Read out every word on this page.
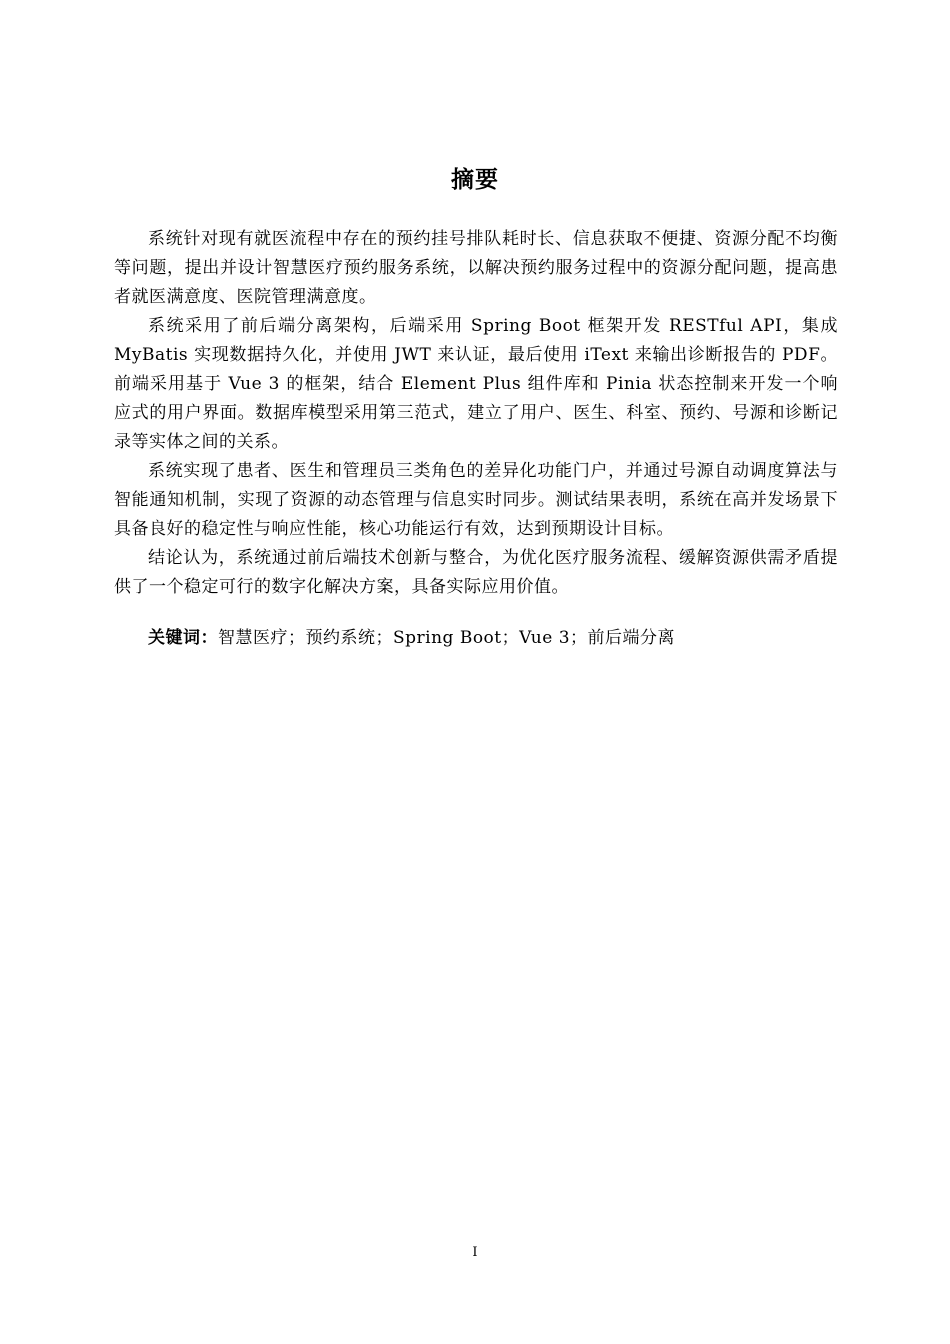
摘要

系统针对现有就医流程中存在的预约挂号排队耗时长、信息获取不便捷、资源分配不均衡等问题，提出并设计智慧医疗预约服务系统，以解决预约服务过程中的资源分配问题，提高患者就医满意度、医院管理满意度。

系统采用了前后端分离架构，后端采用 Spring Boot 框架开发 RESTful API，集成 MyBatis 实现数据持久化，并使用 JWT 来认证，最后使用 iText 来输出诊断报告的 PDF。前端采用基于 Vue 3 的框架，结合 Element Plus 组件库和 Pinia 状态控制来开发一个响应式的用户界面。数据库模型采用第三范式，建立了用户、医生、科室、预约、号源和诊断记录等实体之间的关系。

系统实现了患者、医生和管理员三类角色的差异化功能门户，并通过号源自动调度算法与智能通知机制，实现了资源的动态管理与信息实时同步。测试结果表明，系统在高并发场景下具备良好的稳定性与响应性能，核心功能运行有效，达到预期设计目标。

结论认为，系统通过前后端技术创新与整合，为优化医疗服务流程、缓解资源供需矛盾提供了一个稳定可行的数字化解决方案，具备实际应用价值。

关键词：智慧医疗；预约系统；Spring Boot；Vue 3；前后端分离

I
